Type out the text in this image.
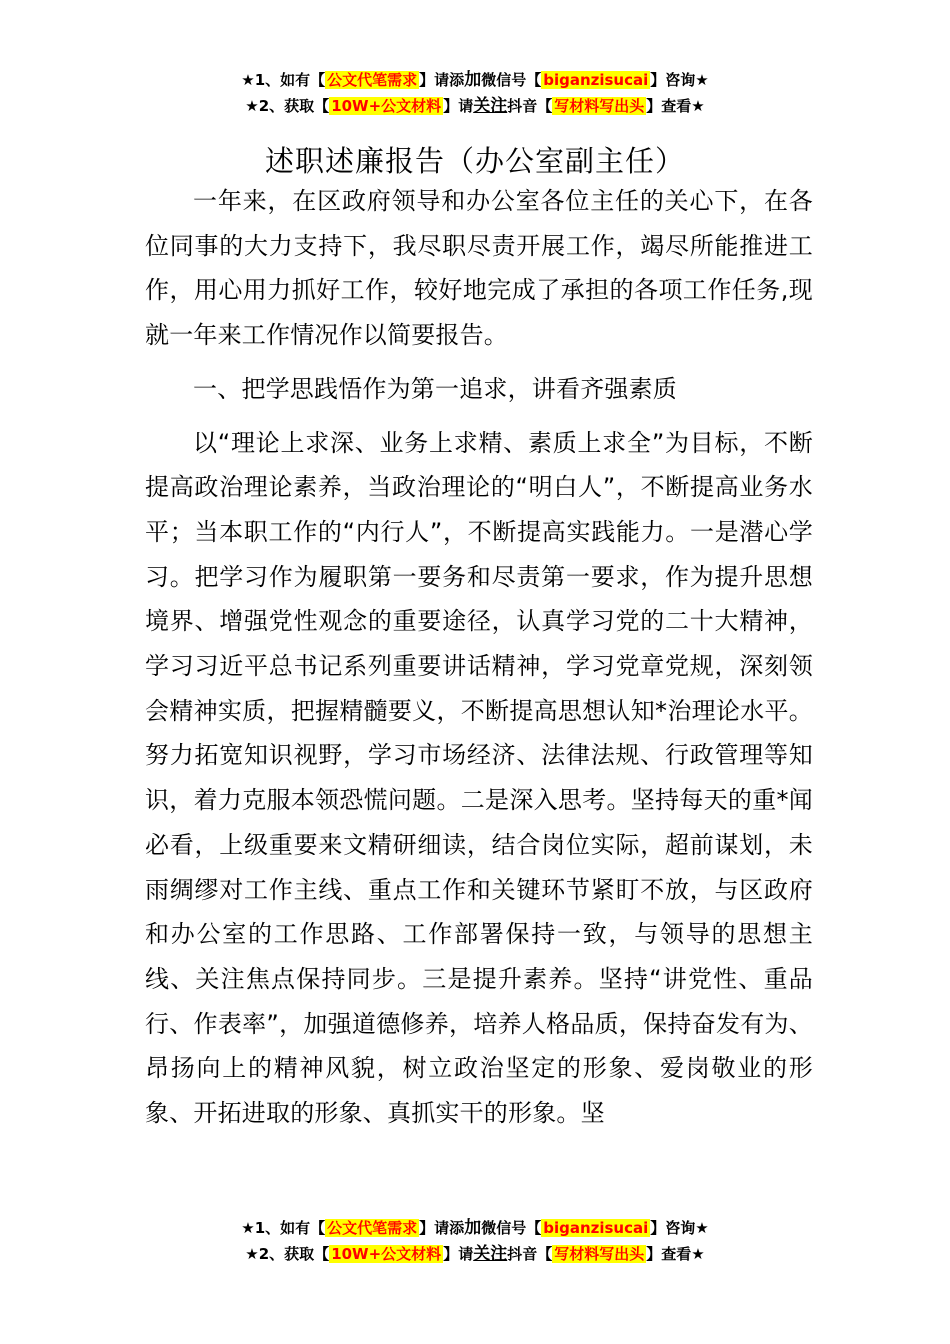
★1、如有【 公文代笔需求 】请添加微信号【 biganzisucai 】咨询★
★2、获取【 10W+公文材料 】请关注抖音【 写材料写出头 】查看★
述职述廉报告（办公室副主任）

一年来，在区政府领导和办公室各位主任的关心下，在各位同事的大力支持下，我尽职尽责开展工作，竭尽所能推进工作，用心用力抓好工作，较好地完成了承担的各项工作任务,现就一年来工作情况作以简要报告。

一、把学思践悟作为第一追求，讲看齐强素质

以“理论上求深、业务上求精、素质上求全”为目标，不断提高政治理论素养，当政治理论的“明白人”，不断提高业务水平；当本职工作的“内行人”，不断提高实践能力。一是潜心学习。把学习作为履职第一要务和尽责第一要求，作为提升思想境界、增强党性观念的重要途径，认真学习党的二十大精神，学习习近平总书记系列重要讲话精神，学习党章党规，深刻领会精神实质，把握精髓要义，不断提高思想认知*治理论水平。努力拓宽知识视野，学习市场经济、法律法规、行政管理等知识，着力克服本领恐慌问题。二是深入思考。坚持每天的重*闻必看，上级重要来文精研细读，结合岗位实际，超前谋划，未雨绸缪对工作主线、重点工作和关键环节紧盯不放，与区政府和办公室的工作思路、工作部署保持一致，与领导的思想主线、关注焦点保持同步。三是提升素养。坚持“讲党性、重品行、作表率”，加强道德修养，培养人格品质，保持奋发有为、昂扬向上的精神风貌，树立政治坚定的形象、爱岗敬业的形象、开拓进取的形象、真抓实干的形象。坚

★1、如有【 公文代笔需求 】请添加微信号【 biganzisucai 】咨询★
★2、获取【 10W+公文材料 】请关注抖音【 写材料写出头 】查看★
